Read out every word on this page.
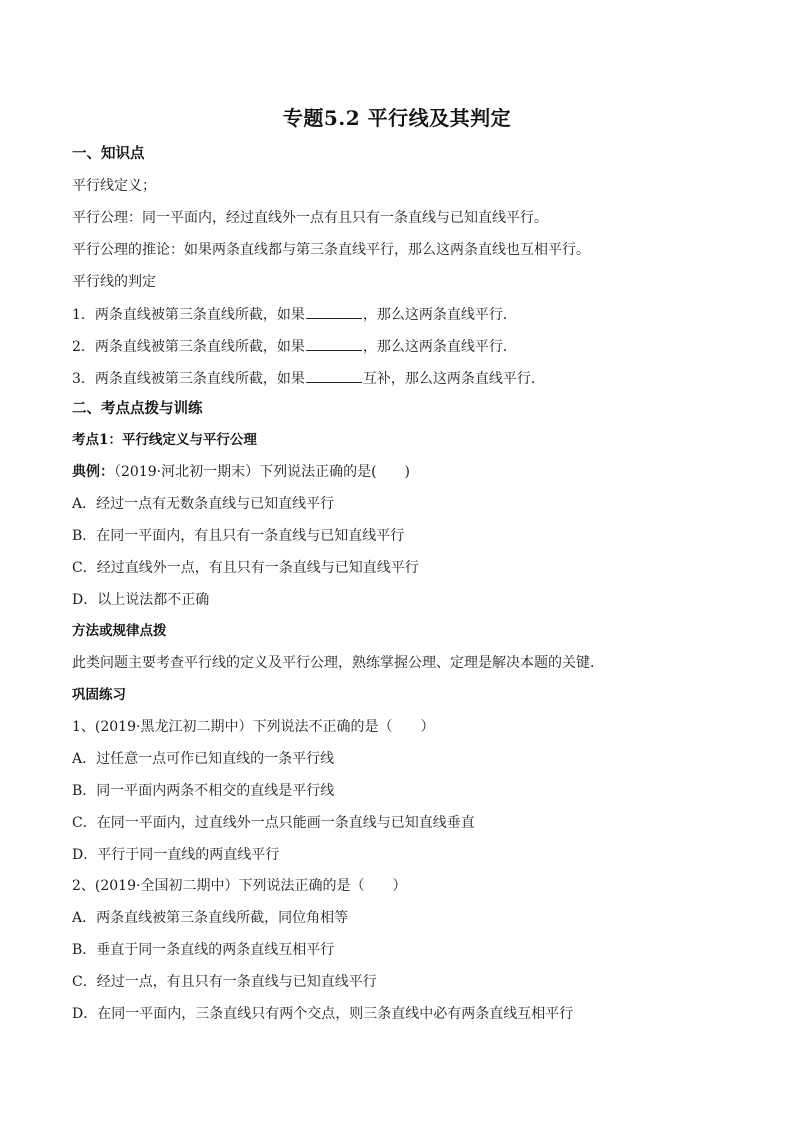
专题5.2 平行线及其判定
一、知识点
平行线定义；
平行公理：同一平面内，经过直线外一点有且只有一条直线与已知直线平行。
平行公理的推论：如果两条直线都与第三条直线平行，那么这两条直线也互相平行。
平行线的判定
1．两条直线被第三条直线所截，如果	，那么这两条直线平行．
2．两条直线被第三条直线所截，如果	，那么这两条直线平行．
3．两条直线被第三条直线所截，如果	互补，那么这两条直线平行．
二、考点点拨与训练
考点1：平行线定义与平行公理
典例：（2019·河北初一期末）下列说法正确的是(　　)
A．经过一点有无数条直线与已知直线平行
B．在同一平面内，有且只有一条直线与已知直线平行
C．经过直线外一点，有且只有一条直线与已知直线平行
D．以上说法都不正确
方法或规律点拨
此类问题主要考查平行线的定义及平行公理，熟练掌握公理、定理是解决本题的关键．
巩固练习
1、(2019·黑龙江初二期中）下列说法不正确的是（　　）
A．过任意一点可作已知直线的一条平行线
B．同一平面内两条不相交的直线是平行线
C．在同一平面内，过直线外一点只能画一条直线与已知直线垂直
D．平行于同一直线的两直线平行
2、(2019·全国初二期中）下列说法正确的是（　　）
A．两条直线被第三条直线所截，同位角相等
B．垂直于同一条直线的两条直线互相平行
C．经过一点，有且只有一条直线与已知直线平行
D．在同一平面内，三条直线只有两个交点，则三条直线中必有两条直线互相平行
